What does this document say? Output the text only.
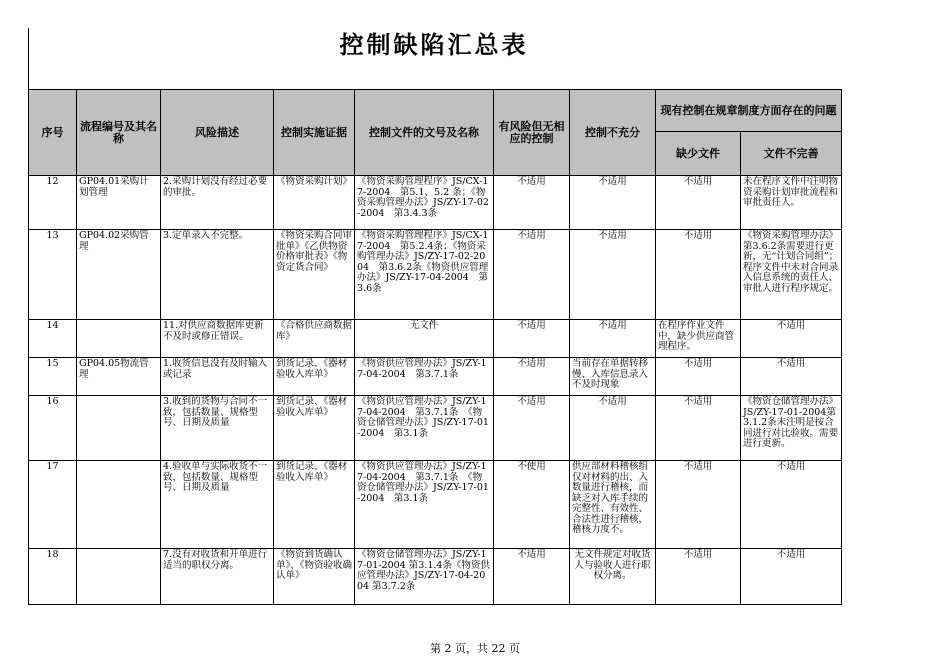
控制缺陷汇总表
序号	流程编号及其名称	风险描述	控制实施证据	控制文件的文号及名称	有风险但无相应的控制	控制不充分	现有控制在规章制度方面存在的问题	
							缺少文件	文件不完善
12	GP04.01采购计划管理	2.采购计划没有经过必要的审批。	《物资采购计划》	《物资采购管理程序》JS/CX-17-2004　第5.1、5.2 条；《物资采购管理办法》JS/ZY-17-02-2004　第3.4.3条	不适用	不适用	不适用	未在程序文件中注明物资采购计划审批流程和审批责任人。
13	GP04.02采购管理	3.定单录入不完整。	《物资采购合同审批单》《乙供物资价格审批表》《物资定货合同》	《物资采购管理程序》JS/CX-17-2004　第5.2.4条；《物资采购管理办法》JS/ZY-17-02-2004　第3.6.2条《物资供应管理办法》JS/ZY-17-04-2004　第3.6条	不适用	不适用	不适用	《物资采购管理办法》第3.6.2条需要进行更新，无“计划合同组”；程序文件中未对合同录入信息系统的责任人、审批人进行程序规定。
14		11.对供应商数据库更新不及时或修正错误。	《合格供应商数据库》	无文件	不适用	不适用	在程序作业文件中，缺少供应商管理程序。	不适用
15	GP04.05物流管理	1.收货信息没有及时输入或记录	到货记录、《器材验收入库单》	《物资供应管理办法》JS/ZY-17-04-2004　第3.7.1条	不适用	当前存在单据转移慢、入库信息录入不及时现象	不适用	不适用
16		3.收到的货物与合同不一致，包括数量、规格型号、日期及质量	到货记录、《器材验收入库单》	《物资供应管理办法》JS/ZY-17-04-2004　第3.7.1条　《物资仓储管理办法》JS/ZY-17-01-2004　第3.1条	不适用	不适用	不适用	《物资仓储管理办法》 JS/ZY-17-01-2004第3.1.2条未注明是按合同进行对比验收。需要进行更新。
17		4.验收单与实际收货不一致，包括数量、规格型号、日期及质量	到货记录、《器材验收入库单》	《物资供应管理办法》JS/ZY-17-04-2004　第3.7.1条　《物资仓储管理办法》JS/ZY-17-01-2004　第3.1条	不使用	供应部材料稽核组仅对材料的出、入数量进行稽核，而缺乏对入库手续的完整性、有效性、合法性进行稽核，稽核力度不。	不适用	不适用
18		7.没有对收货和开单进行适当的职权分离。	《物资到货确认单》、《物资验收确认单》	《物资仓储管理办法》JS/ZY-17-01-2004 第3.1.4条《物资供应管理办法》JS/ZY-17-04-2004 第3.7.2条	不适用	无文件规定对收货人与验收人进行职权分离。	不适用	不适用
第 2 页，共 22 页
